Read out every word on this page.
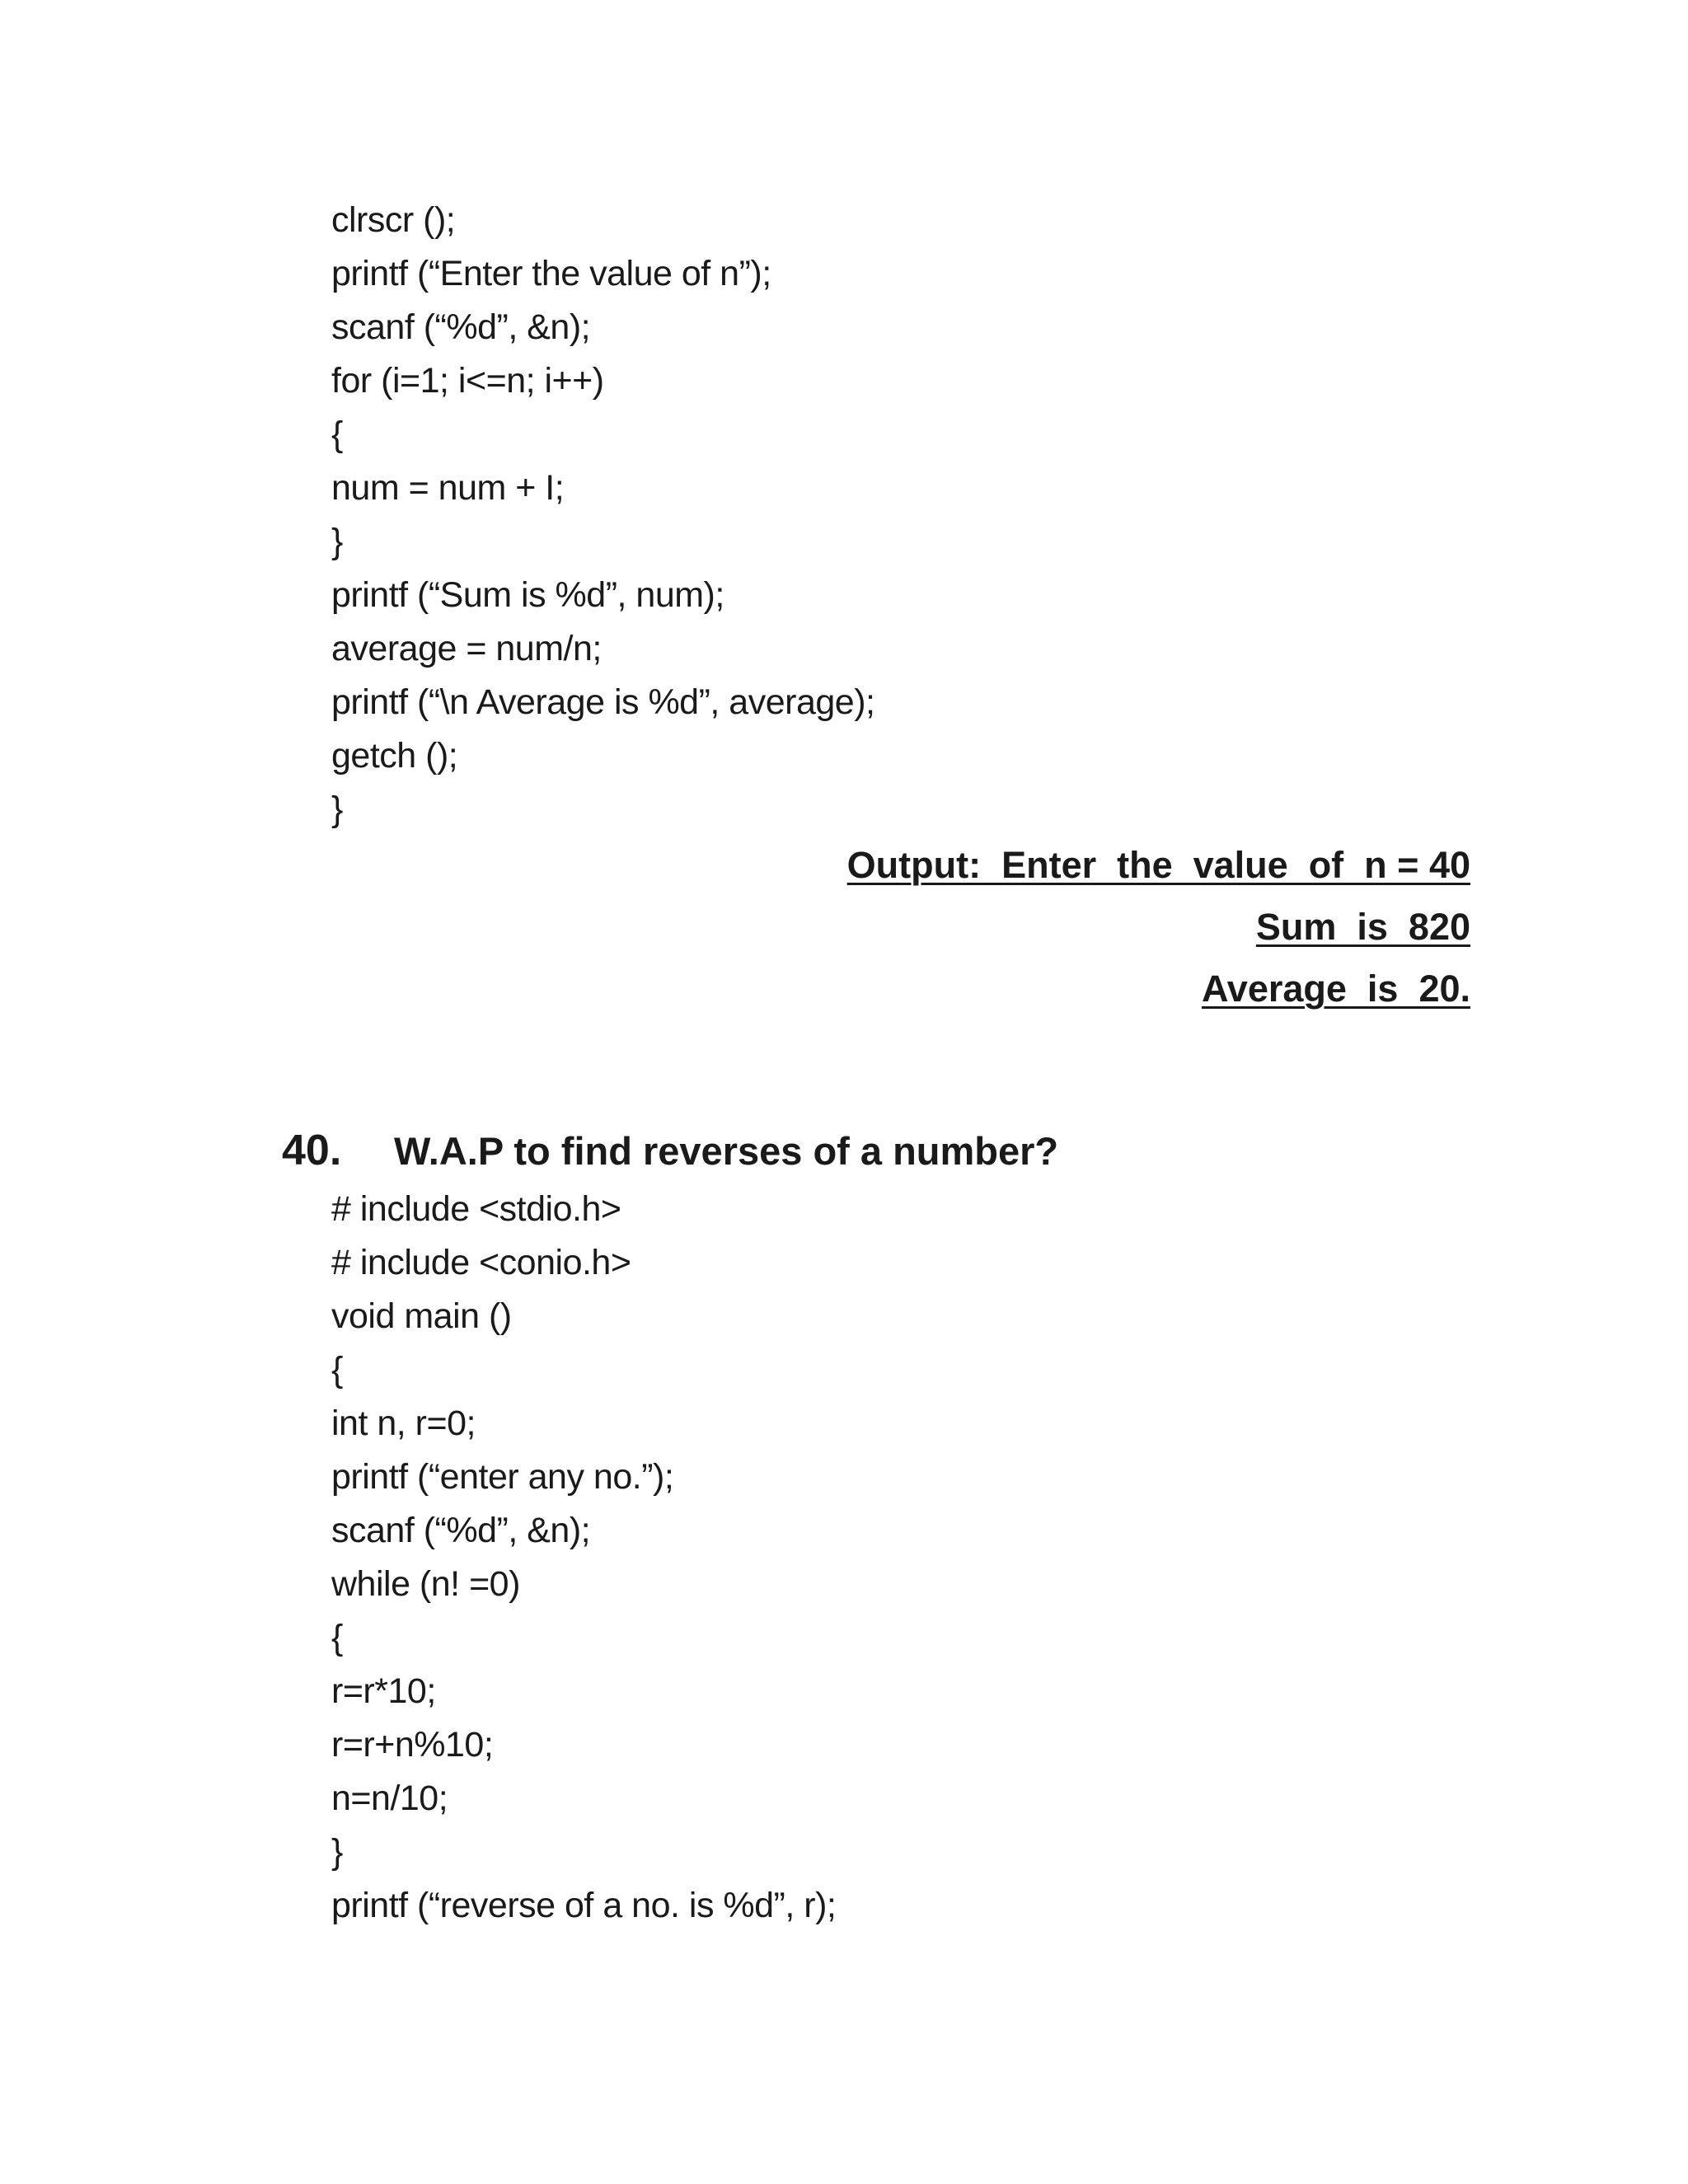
clrscr ();
printf (“Enter the value of n”);
scanf (“%d”, &n);
for (i=1; i<=n; i++)
{
num = num + I;
}
printf (“Sum is %d”, num);
average = num/n;
printf (“\n Average is %d”, average);
getch ();
}
Output:  Enter  the  value  of  n = 40
Sum  is  820
Average  is  20.
40. W.A.P to find reverses of a number?
# include <stdio.h>
# include <conio.h>
void main ()
{
int n, r=0;
printf (“enter any no.”);
scanf (“%d”, &n);
while (n! =0)
{
r=r*10;
r=r+n%10;
n=n/10;
}
printf (“reverse of a no. is %d”, r);
